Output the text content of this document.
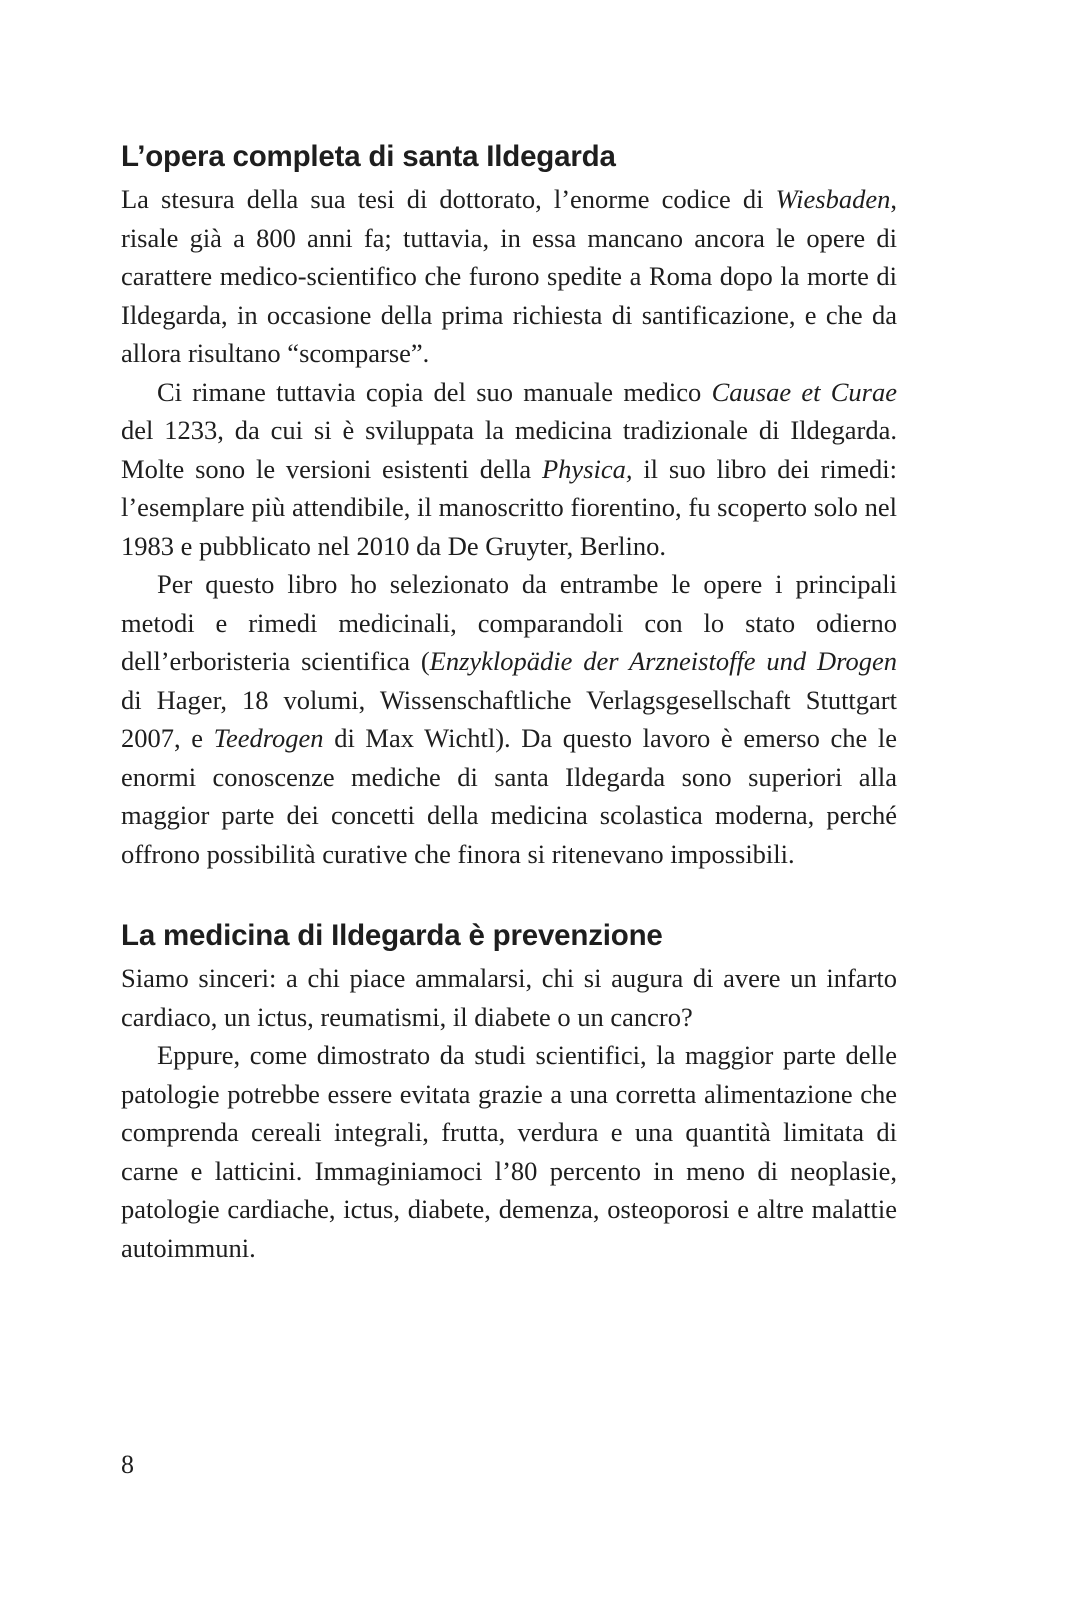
L’opera completa di santa Ildegarda

La stesura della sua tesi di dottorato, l’enorme codice di Wiesbaden, risale già a 800 anni fa; tuttavia, in essa mancano ancora le opere di carattere medico-scientifico che furono spedite a Roma dopo la morte di Ildegarda, in occasione della prima richiesta di santificazione, e che da allora risultano “scomparse”.

Ci rimane tuttavia copia del suo manuale medico Causae et Curae del 1233, da cui si è sviluppata la medicina tradizionale di Ildegarda. Molte sono le versioni esistenti della Physica, il suo libro dei rimedi: l’esemplare più attendibile, il manoscritto fiorentino, fu scoperto solo nel 1983 e pubblicato nel 2010 da De Gruyter, Berlino.

Per questo libro ho selezionato da entrambe le opere i principali metodi e rimedi medicinali, comparandoli con lo stato odierno dell’erboristeria scientifica (Enzyklopädie der Arzneistoffe und Drogen di Hager, 18 volumi, Wissenschaftliche Verlagsgesellschaft Stuttgart 2007, e Teedrogen di Max Wichtl). Da questo lavoro è emerso che le enormi conoscenze mediche di santa Ildegarda sono superiori alla maggior parte dei concetti della medicina scolastica moderna, perché offrono possibilità curative che finora si ritenevano impossibili.

La medicina di Ildegarda è prevenzione

Siamo sinceri: a chi piace ammalarsi, chi si augura di avere un infarto cardiaco, un ictus, reumatismi, il diabete o un cancro?

Eppure, come dimostrato da studi scientifici, la maggior parte delle patologie potrebbe essere evitata grazie a una corretta alimentazione che comprenda cereali integrali, frutta, verdura e una quantità limitata di carne e latticini. Immaginiamoci l’80 percento in meno di neoplasie, patologie cardiache, ictus, diabete, demenza, osteoporosi e altre malattie autoimmuni.

8
